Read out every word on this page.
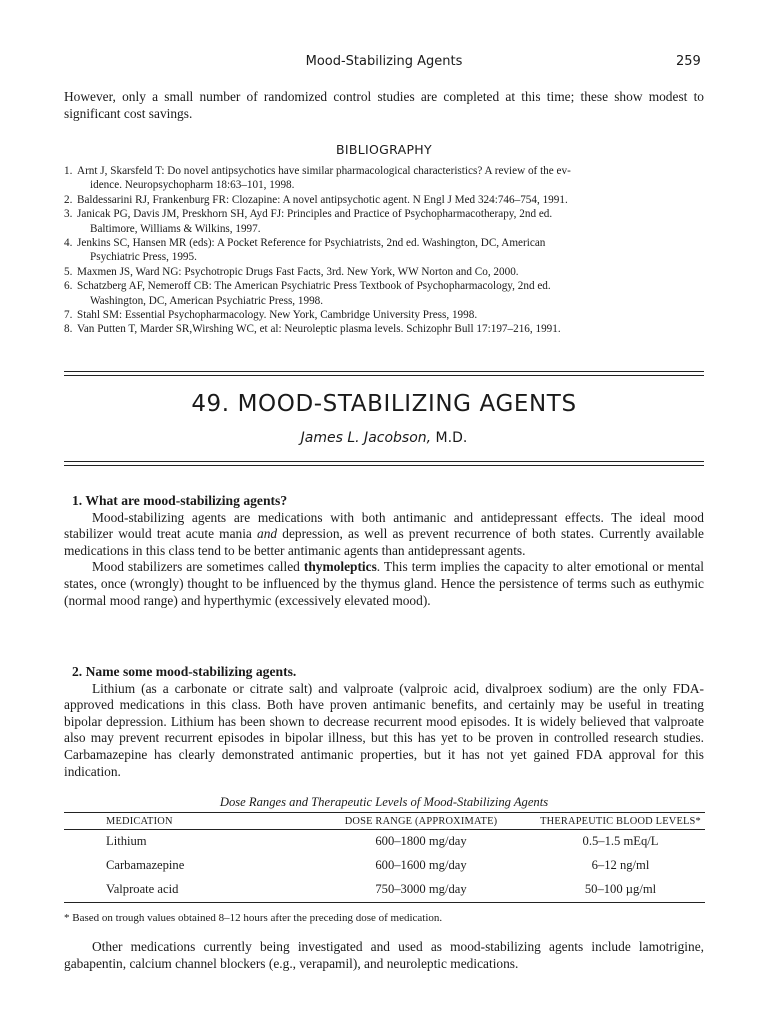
Mood-Stabilizing Agents	259
However, only a small number of randomized control studies are completed at this time; these show modest to significant cost savings.
BIBLIOGRAPHY
1. Arnt J, Skarsfeld T: Do novel antipsychotics have similar pharmacological characteristics? A review of the ev-
idence. Neuropsychopharm 18:63–101, 1998.
2. Baldessarini RJ, Frankenburg FR: Clozapine: A novel antipsychotic agent. N Engl J Med 324:746–754, 1991.
3. Janicak PG, Davis JM, Preskhorn SH, Ayd FJ: Principles and Practice of Psychopharmacotherapy, 2nd ed.
Baltimore, Williams & Wilkins, 1997.
4. Jenkins SC, Hansen MR (eds): A Pocket Reference for Psychiatrists, 2nd ed. Washington, DC, American
Psychiatric Press, 1995.
5. Maxmen JS, Ward NG: Psychotropic Drugs Fast Facts, 3rd. New York, WW Norton and Co, 2000.
6. Schatzberg AF, Nemeroff CB: The American Psychiatric Press Textbook of Psychopharmacology, 2nd ed.
Washington, DC, American Psychiatric Press, 1998.
7. Stahl SM: Essential Psychopharmacology. New York, Cambridge University Press, 1998.
8. Van Putten T, Marder SR,Wirshing WC, et al: Neuroleptic plasma levels. Schizophr Bull 17:197–216, 1991.
49. MOOD-STABILIZING AGENTS
James L. Jacobson, M.D.
1. What are mood-stabilizing agents?
Mood-stabilizing agents are medications with both antimanic and antidepressant effects. The ideal mood stabilizer would treat acute mania and depression, as well as prevent recurrence of both states. Currently available medications in this class tend to be better antimanic agents than antidepressant agents.
Mood stabilizers are sometimes called thymoleptics. This term implies the capacity to alter emotional or mental states, once (wrongly) thought to be influenced by the thymus gland. Hence the persistence of terms such as euthymic (normal mood range) and hyperthymic (excessively elevated mood).
2. Name some mood-stabilizing agents.
Lithium (as a carbonate or citrate salt) and valproate (valproic acid, divalproex sodium) are the only FDA-approved medications in this class. Both have proven antimanic benefits, and certainly may be useful in treating bipolar depression. Lithium has been shown to decrease recurrent mood episodes. It is widely believed that valproate also may prevent recurrent episodes in bipolar illness, but this has yet to be proven in controlled research studies. Carbamazepine has clearly demonstrated antimanic properties, but it has not yet gained FDA approval for this indication.
Dose Ranges and Therapeutic Levels of Mood-Stabilizing Agents
MEDICATION	DOSE RANGE (APPROXIMATE)	THERAPEUTIC BLOOD LEVELS*
Lithium	600–1800 mg/day	0.5–1.5 mEq/L
Carbamazepine	600–1600 mg/day	6–12 ng/ml
Valproate acid	750–3000 mg/day	50–100 µg/ml
* Based on trough values obtained 8–12 hours after the preceding dose of medication.
Other medications currently being investigated and used as mood-stabilizing agents include lamotrigine, gabapentin, calcium channel blockers (e.g., verapamil), and neuroleptic medications.
